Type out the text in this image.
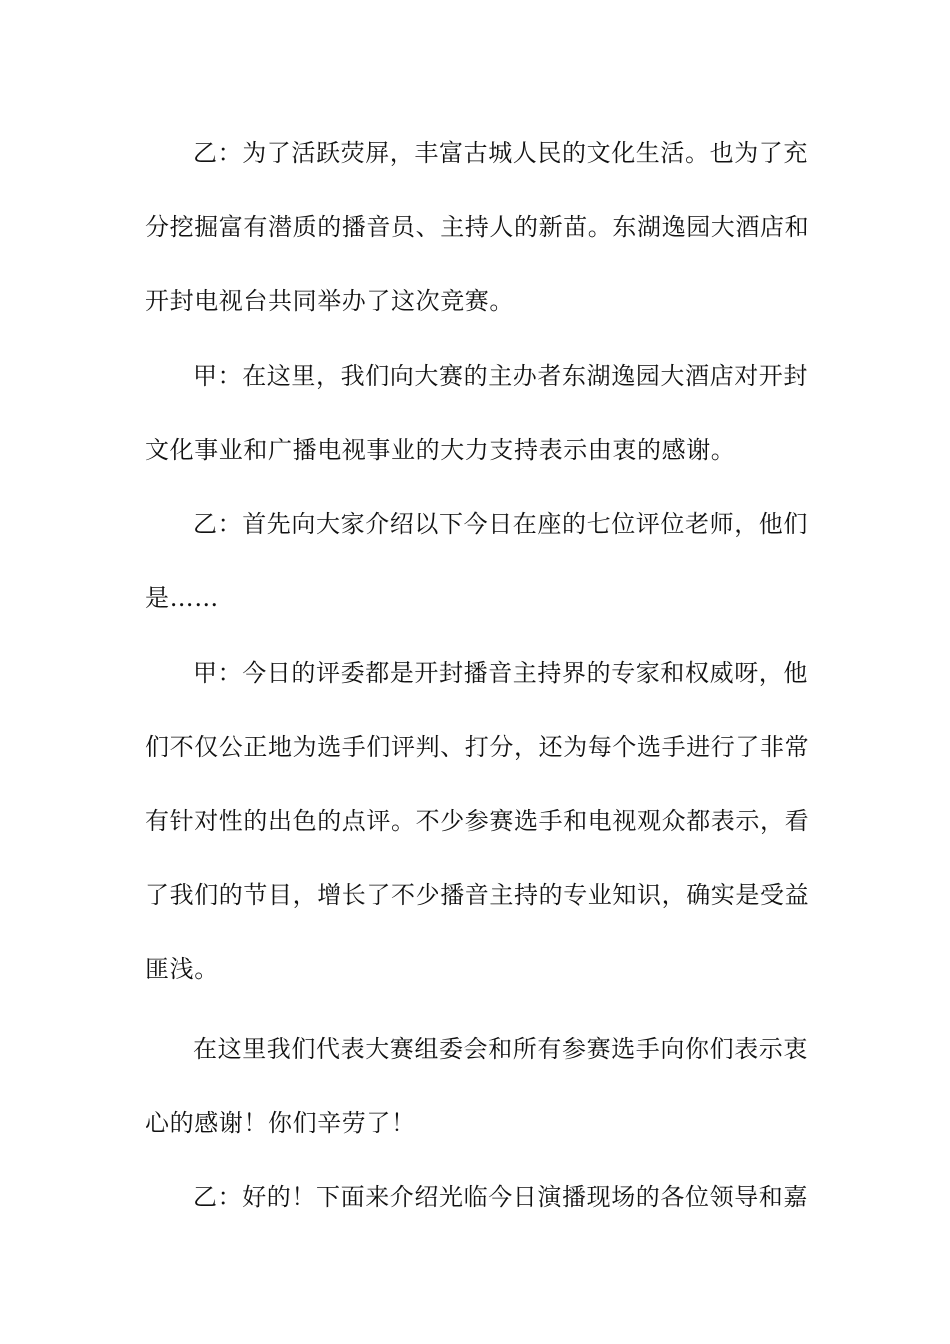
乙：为了活跃荧屏，丰富古城人民的文化生活。也为了充
分挖掘富有潜质的播音员、主持人的新苗。东湖逸园大酒店和
开封电视台共同举办了这次竞赛。
甲：在这里，我们向大赛的主办者东湖逸园大酒店对开封
文化事业和广播电视事业的大力支持表示由衷的感谢。
乙：首先向大家介绍以下今日在座的七位评位老师，他们
是……
甲：今日的评委都是开封播音主持界的专家和权威呀，他
们不仅公正地为选手们评判、打分，还为每个选手进行了非常
有针对性的出色的点评。不少参赛选手和电视观众都表示，看
了我们的节目，增长了不少播音主持的专业知识，确实是受益
匪浅。
在这里我们代表大赛组委会和所有参赛选手向你们表示衷
心的感谢！你们辛劳了！
乙：好的！下面来介绍光临今日演播现场的各位领导和嘉
